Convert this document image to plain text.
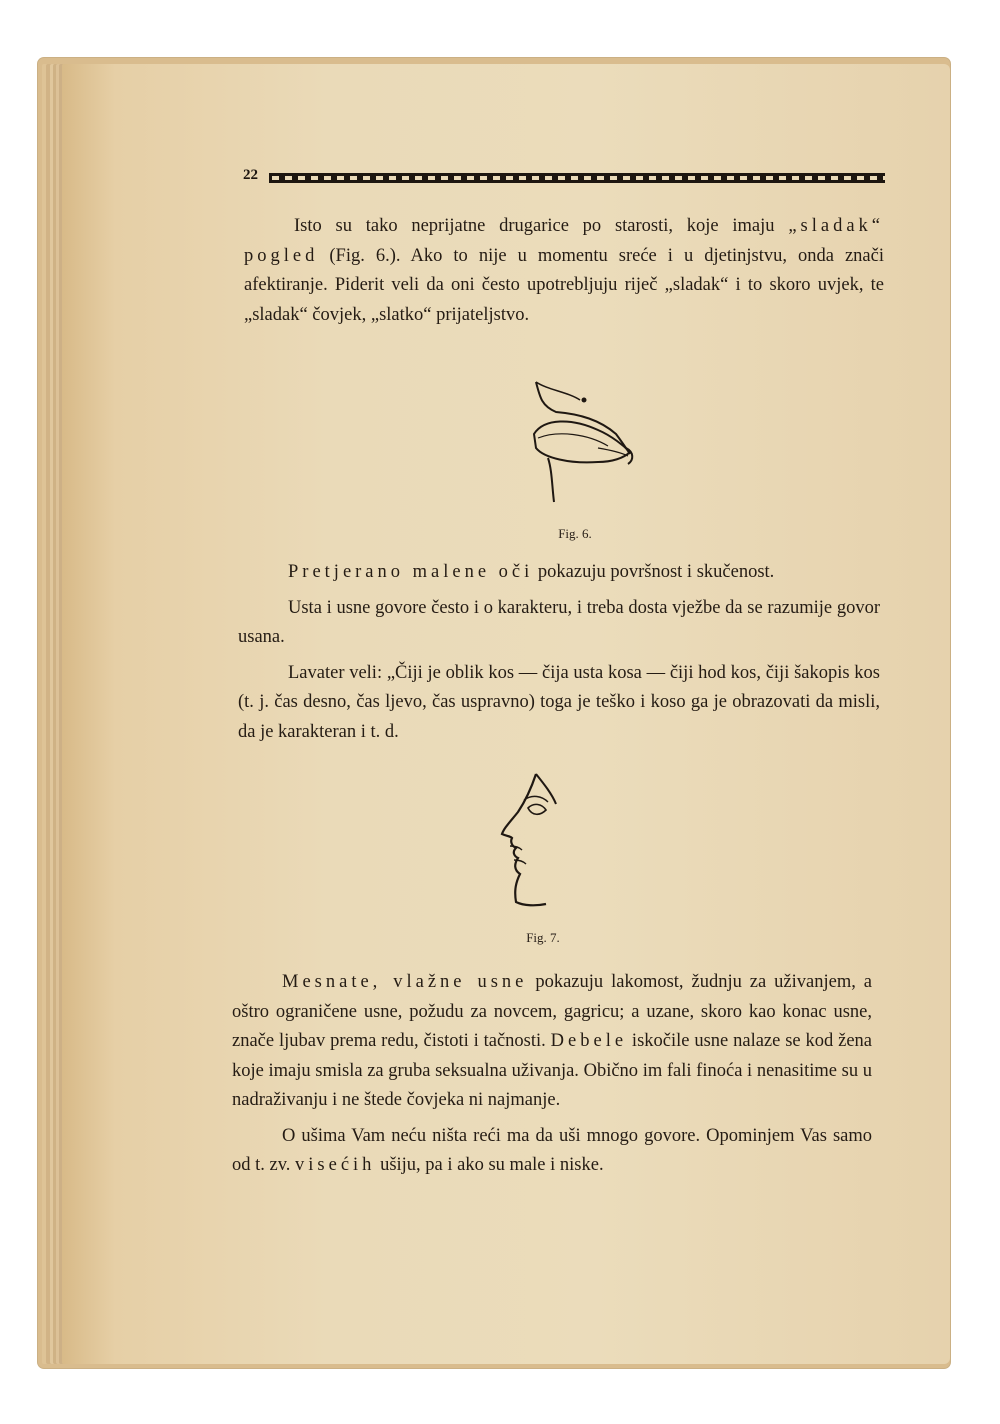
22

Isto su tako neprijatne drugarice po starosti, koje imaju „sladak“ pogled (Fig. 6.). Ako to nije u momentu sreće i u djetinjstvu, onda znači afektiranje. Piderit veli da oni često upotrebljuju riječ „sladak“ i to skoro uvjek, te „sladak“ čovjek, „slatko“ prijateljstvo.

Fig. 6.

Pretjerano malene oči pokazuju površnost i skučenost.

Usta i usne govore često i o karakteru, i treba dosta vježbe da se razumije govor usana.

Lavater veli: „Čiji je oblik kos — čija usta kosa — čiji hod kos, čiji šakopis kos (t. j. čas desno, čas ljevo, čas uspravno) toga je teško i koso ga je obrazovati da misli, da je karakteran i t. d.

Fig. 7.

Mesnate, vlažne usne pokazuju lakomost, žudnju za uživanjem, a oštro ograničene usne, požudu za novcem, gagricu; a uzane, skoro kao konac usne, znače ljubav prema redu, čistoti i tačnosti. Debele iskočile usne nalaze se kod žena koje imaju smisla za gruba seksualna uživanja. Obično im fali finoća i nenasitime su u nadraživanju i ne štede čovjeka ni najmanje.

O ušima Vam neću ništa reći ma da uši mnogo govore. Opominjem Vas samo od t. zv. visećih ušiju, pa i ako su male i niske.
